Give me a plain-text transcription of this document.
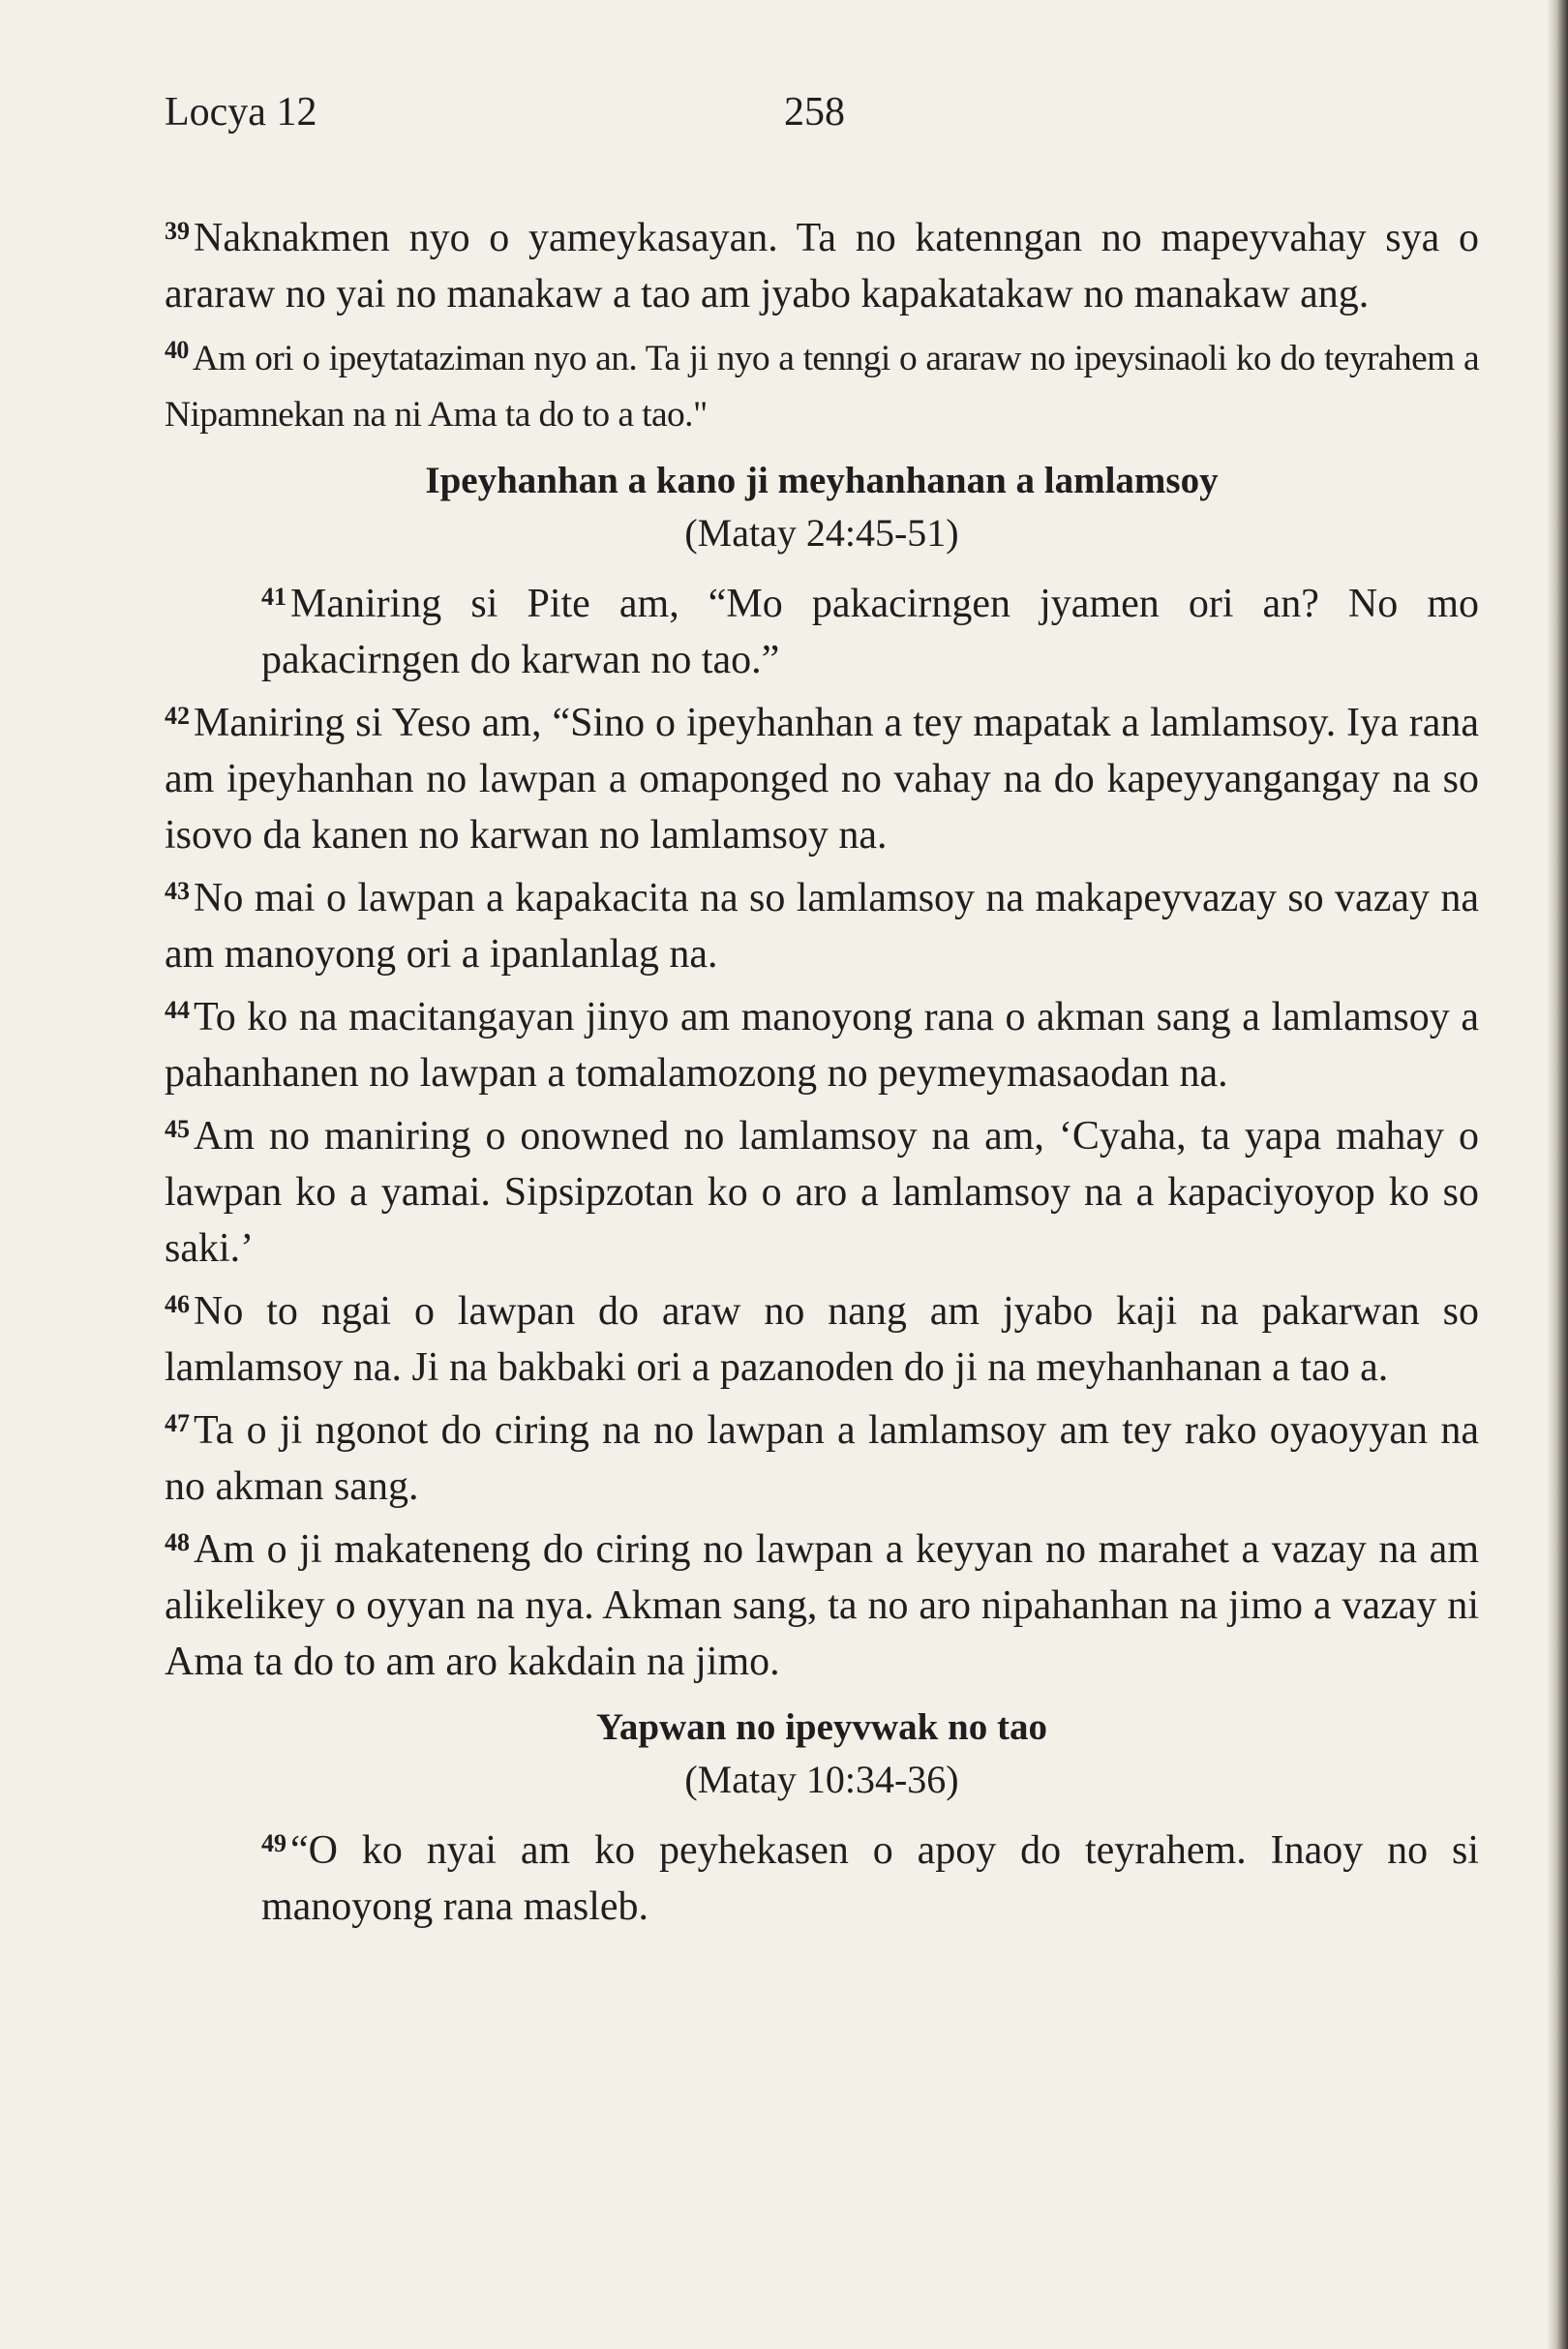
Locya 12	258

$^{39}$Naknakmen nyo o yameykasayan. Ta no katenngan no mapeyvahay sya o araraw no yai no manakaw a tao am jyabo kapakatakaw no manakaw ang.

$^{40}$ Am ori o ipeytataziman nyo an. Ta ji nyo a tenngi o araraw no ipeysinaoli ko do teyrahem a Nipamnekan na ni Ama ta do to a tao."

Ipeyhanhan a kano ji meyhanhanan a lamlamsoy

(Matay 24:45-51)

$^{41}$Maniring si Pite am, “Mo pakacirngen jyamen ori an? No mo pakacirngen do karwan no tao.”

$^{42}$Maniring si Yeso am, “Sino o ipeyhanhan a tey mapatak a lamlamsoy. Iya rana am ipeyhanhan no lawpan a omaponged no vahay na do kapeyyangangay na so isovo da kanen no karwan no lamlamsoy na.

$^{43}$No mai o lawpan a kapakacita na so lamlamsoy na makapeyvazay so vazay na am manoyong ori a ipanlanlag na.

$^{44}$To ko na macitangayan jinyo am manoyong rana o akman sang a lamlamsoy a pahanhanen no lawpan a tomalamozong no peymeymasaodan na.

$^{45}$Am no maniring o onowned no lamlamsoy na am, ‘Cyaha, ta yapa mahay o lawpan ko a yamai. Sipsipzotan ko o aro a lamlamsoy na a kapaciyoyop ko so saki.’

$^{46}$No to ngai o lawpan do araw no nang am jyabo kaji na pakarwan so lamlamsoy na. Ji na bakbaki ori a pazanoden do ji na meyhanhanan a tao a.

$^{47}$Ta o ji ngonot do ciring na no lawpan a lamlamsoy am tey rako oyaoyyan na no akman sang.

$^{48}$Am o ji makateneng do ciring no lawpan a keyyan no marahet a vazay na am alikelikey o oyyan na nya. Akman sang, ta no aro nipahanhan na jimo a vazay ni Ama ta do to am aro kakdain na jimo.

Yapwan no ipeyvwak no tao

(Matay 10:34-36)

$^{49}$“O ko nyai am ko peyhekasen o apoy do teyrahem. Inaoy no si manoyong rana masleb.
